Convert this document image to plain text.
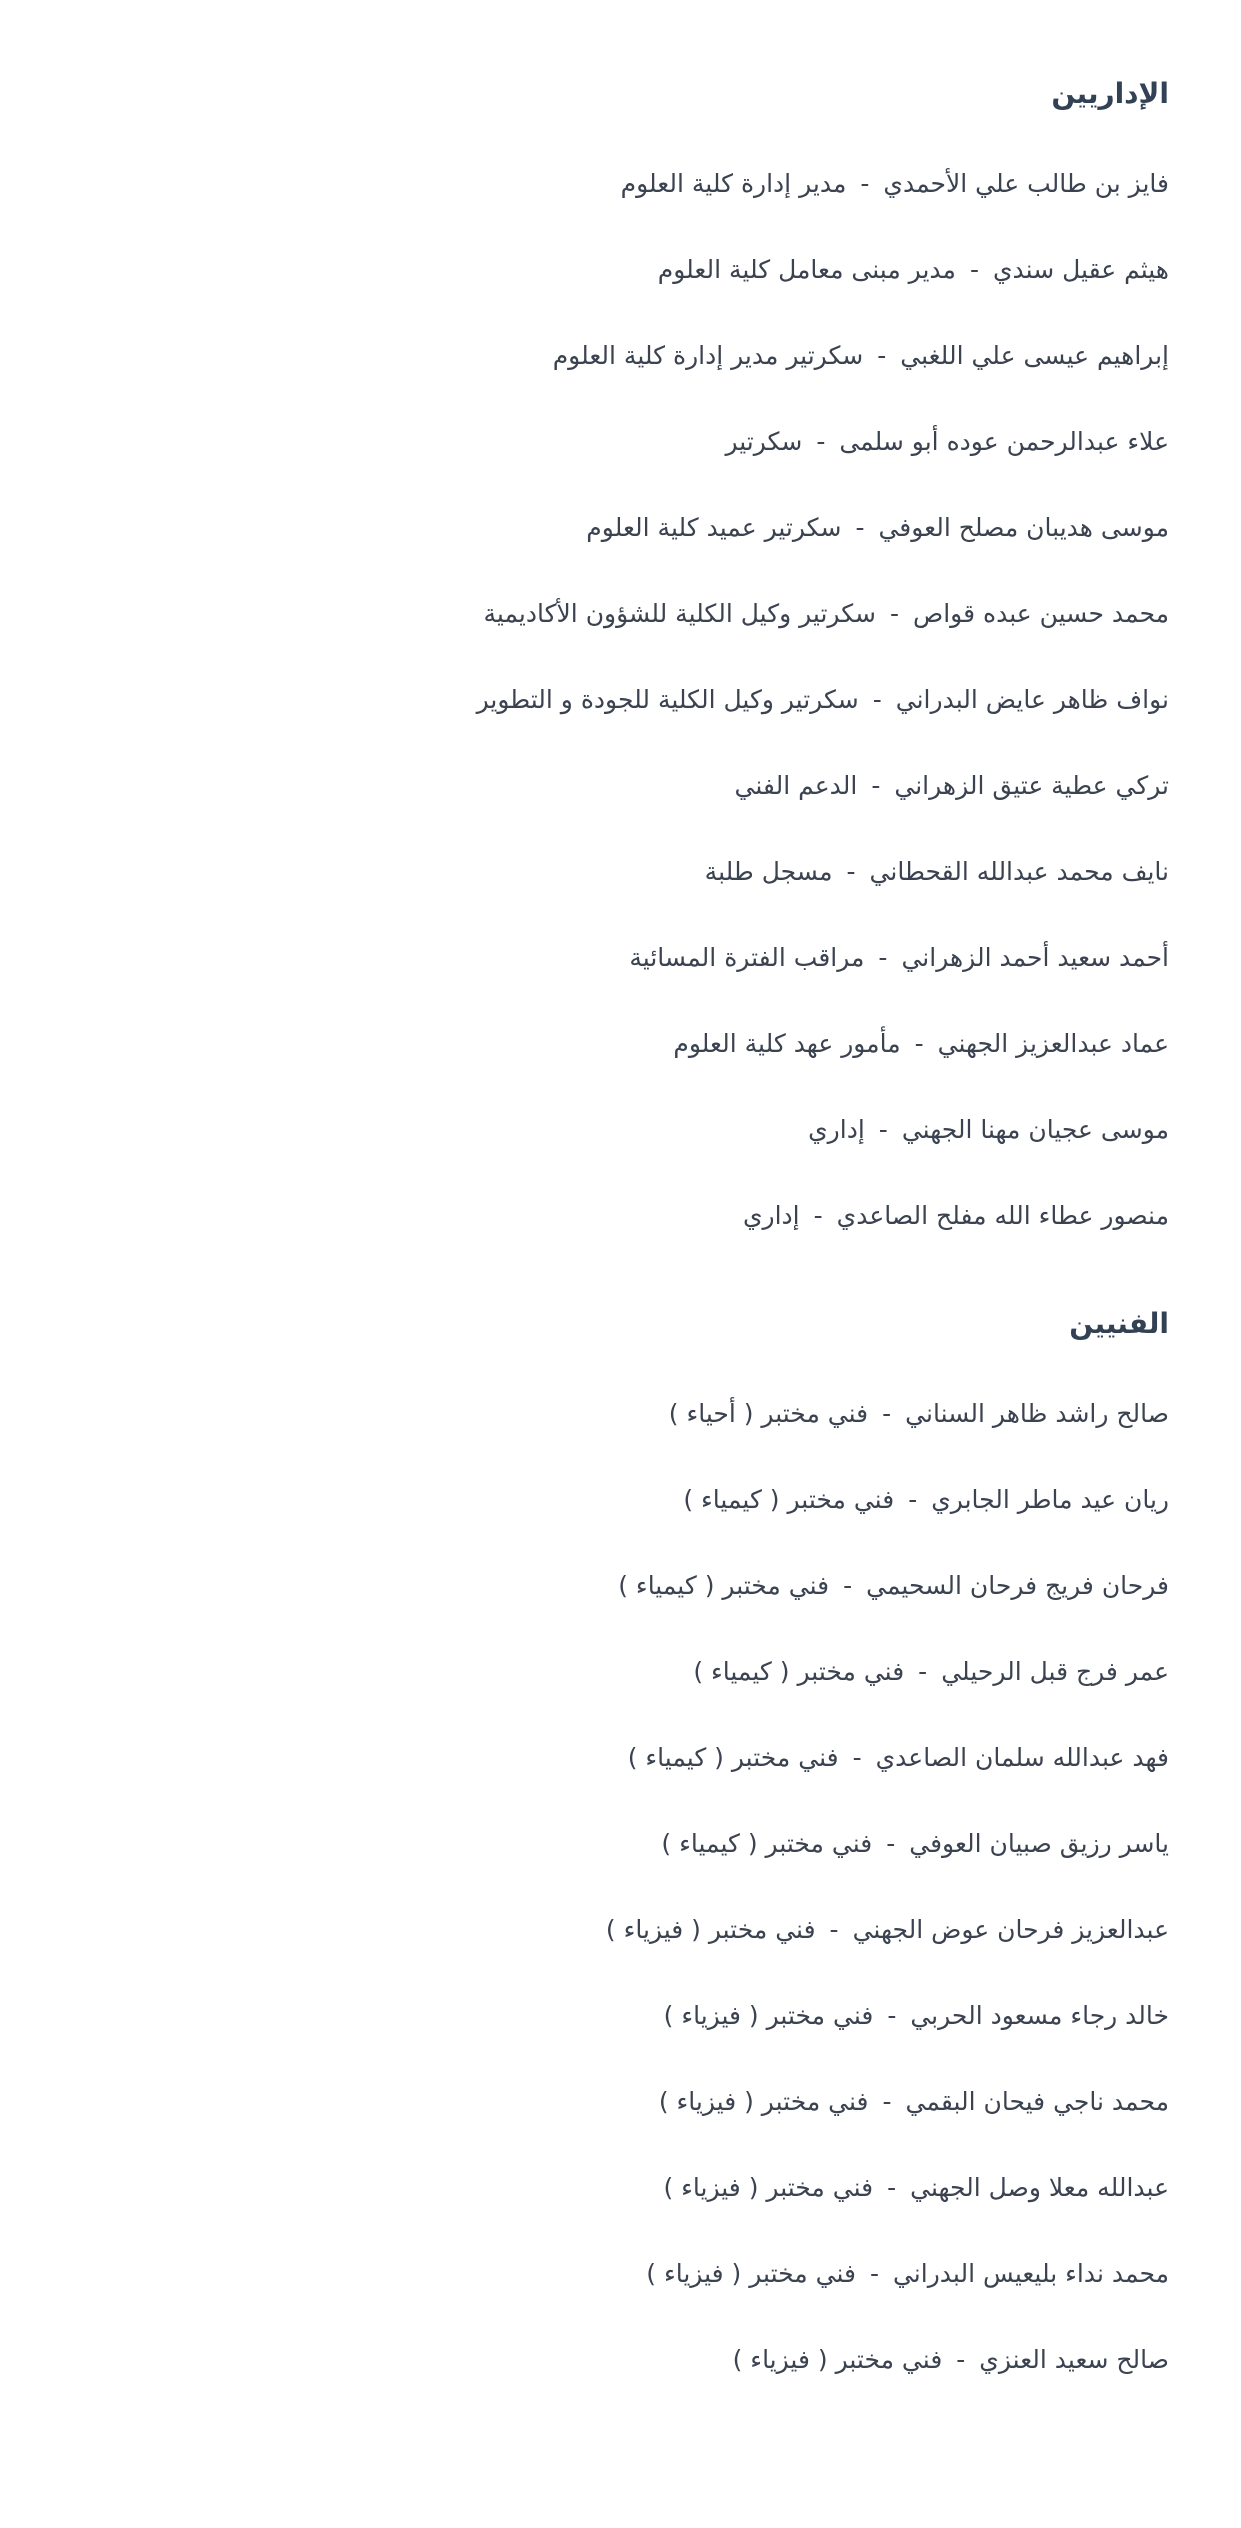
الإداريين
فايز بن طالب علي الأحمدي-مدير إدارة كلية العلوم
هيثم عقيل سندي-مدير مبنى معامل كلية العلوم
إبراهيم عيسى علي اللغبي-سكرتير مدير إدارة كلية العلوم
علاء عبدالرحمن عوده أبو سلمى-سكرتير
موسى هديبان مصلح العوفي-سكرتير عميد كلية العلوم
محمد حسين عبده قواص-سكرتير وكيل الكلية للشؤون الأكاديمية
نواف ظاهر عايض البدراني-سكرتير وكيل الكلية للجودة و التطوير
تركي عطية عتيق الزهراني-الدعم الفني
نايف محمد عبدالله القحطاني-مسجل طلبة
أحمد سعيد أحمد الزهراني-مراقب الفترة المسائية
عماد عبدالعزيز الجهني-مأمور عهد كلية العلوم
موسى عجيان مهنا الجهني-إداري
منصور عطاء الله مفلح الصاعدي-إداري
الفنيين
صالح راشد ظاهر السناني-فني مختبر ( أحياء )
ريان عيد ماطر الجابري-فني مختبر ( كيمياء )
فرحان فريج فرحان السحيمي-فني مختبر ( كيمياء )
عمر فرج قبل الرحيلي-فني مختبر ( كيمياء )
فهد عبدالله سلمان الصاعدي-فني مختبر ( كيمياء )
ياسر رزيق صبيان العوفي-فني مختبر ( كيمياء )
عبدالعزيز فرحان عوض الجهني-فني مختبر ( فيزياء )
خالد رجاء مسعود الحربي-فني مختبر ( فيزياء )
محمد ناجي فيحان البقمي-فني مختبر ( فيزياء )
عبدالله معلا وصل الجهني-فني مختبر ( فيزياء )
محمد نداء بليعيس البدراني-فني مختبر ( فيزياء )
صالح سعيد العنزي-فني مختبر ( فيزياء )
